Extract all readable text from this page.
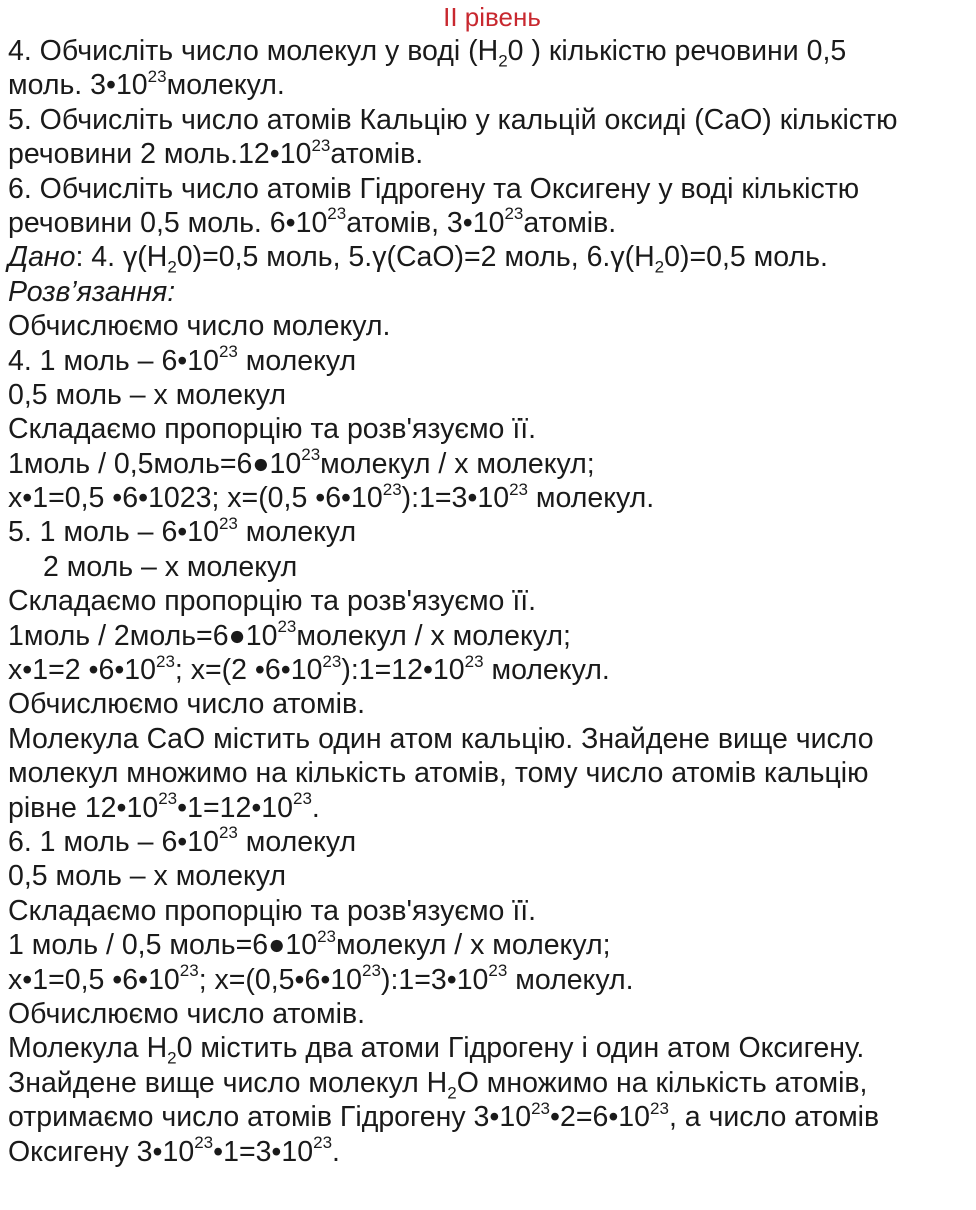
ІІ рівень
4. Обчисліть число молекул у воді ($Н_20$ ) кількістю речовини 0,5
моль. $3•10^{23}молекул$.
5. Обчисліть число атомів Кальцію у кальцій оксиді (CaO) кількістю
речовини 2 $моль.12•10^{23}атомів$.
6. Обчисліть число атомів Гідрогену та Оксигену у воді кількістю
речовини 0,5 моль. $6•10^{23}атомів$, $3•10^{23}атомів$.
Дано: 4. $\gamma(H_20)=0,5$ моль, 5.γ(CaO)=2 моль, $6.\gamma(H_20)=0,5$ моль.
Розв’язання:
Обчислюємо число молекул.
4. 1 моль – $6•10^{23}$ молекул
0,5 моль – х молекул
Складаємо пропорцію та розв'язуємо її.
1моль / $0,5моль=6●10^{23}молекул / х$ молекул;
х•1=0,5 •6•1023; х=(0,5 $•6•10^{23}):1=3•10^{23}$ молекул.
5. 1 моль – $6•10^{23}$ молекул
2 моль – х молекул
Складаємо пропорцію та розв'язуємо її.
1моль / $2моль=6●10^{23}молекул / х$ молекул;
х•1=2 $•6•10^{23}$; х=(2 $•6•10^{23}):1=12•10^{23}$ молекул.
Обчислюємо число атомів.
Молекула CaO містить один атом кальцію. Знайдене вище число
молекул множимо на кількість атомів, тому число атомів кальцію
рівне $12•10^{23}•1=12•10^{23}$.
6. 1 моль – $6•10^{23}$ молекул
0,5 моль – х молекул
Складаємо пропорцію та розв'язуємо її.
1 моль / 0,5 $моль=6●10^{23}молекул / х$ молекул;
х•1=0,5 $•6•10^{23}$; $х=(0,5•6•10^{23}):1=3•10^{23}$ молекул.
Обчислюємо число атомів.
Молекула $Н_20$ містить два атоми Гідрогену і один атом Оксигену.
Знайдене вище число молекул $Н_2О$ множимо на кількість атомів,
отримаємо число атомів Гідрогену $3•10^{23}•2=6•10^{23}$, а число атомів
Оксигену $3•10^{23}•1=3•10^{23}$.
